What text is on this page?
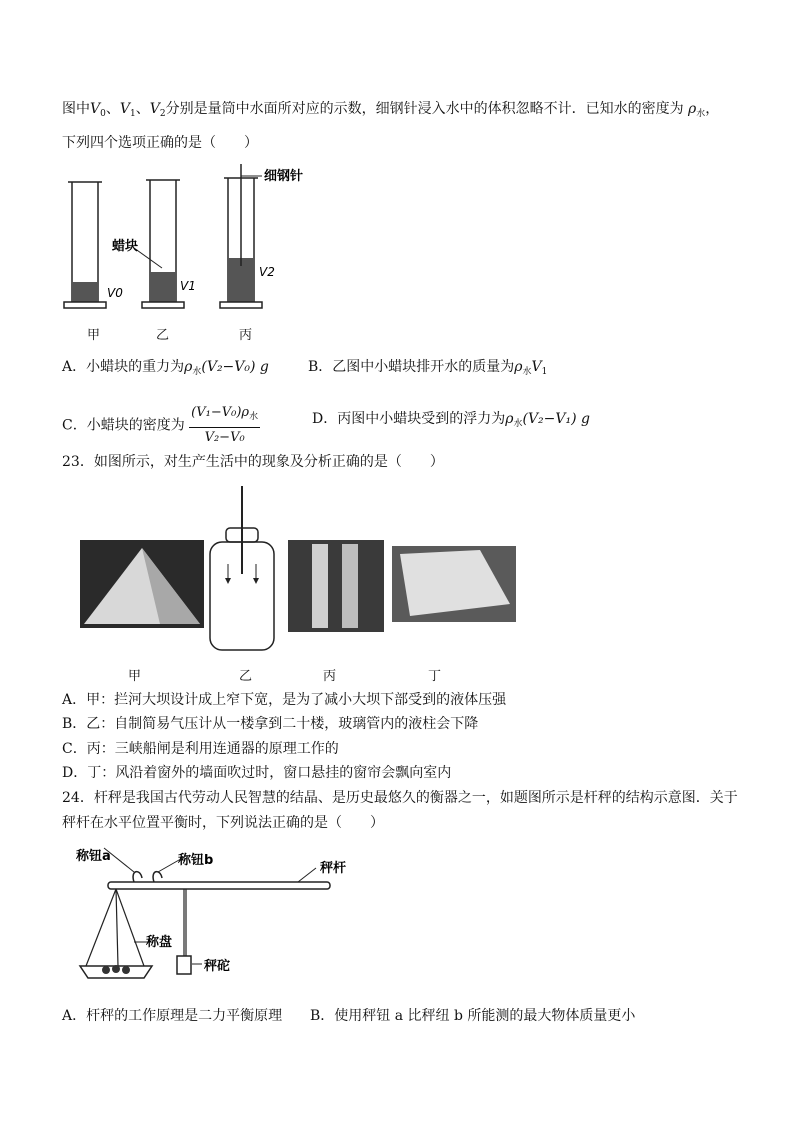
图中$V_0$、$V_1$、$V_2$分别是量筒中水面所对应的示数，细钢针浸入水中的体积忽略不计．已知水的密度为 $\rho_水$，
下列四个选项正确的是（　　）
V0
蜡块
V1
细钢针
V2
甲	乙	丙
A．小蜡块的重力为$\rho_水(V_2-V_0)$ g	B．乙图中小蜡块排开水的质量为$\rho_水V_1$
C．小蜡块的密度为 $\frac{(V_1-V_0)\rho_水}{\text{V₂−V₀}}$	D．丙图中小蜡块受到的浮力为$\rho_水(V_2-V_1)$ g
23．如图所示，对生产生活中的现象及分析正确的是（　　）
甲	乙	丙	丁
A．甲：拦河大坝设计成上窄下宽，是为了减小大坝下部受到的液体压强
B．乙：自制简易气压计从一楼拿到二十楼，玻璃管内的液柱会下降
C．丙：三峡船闸是利用连通器的原理工作的
D．丁：风沿着窗外的墙面吹过时，窗口悬挂的窗帘会飘向室内
24．杆秤是我国古代劳动人民智慧的结晶、是历史最悠久的衡器之一，如题图所示是杆秤的结构示意图．关于
秤杆在水平位置平衡时，下列说法正确的是（　　）
称钮a	称钮b
秤杆
称盘
秤砣
A．杆秤的工作原理是二力平衡原理 B．使用秤钮 a 比秤纽 b 所能测的最大物体质量更小
